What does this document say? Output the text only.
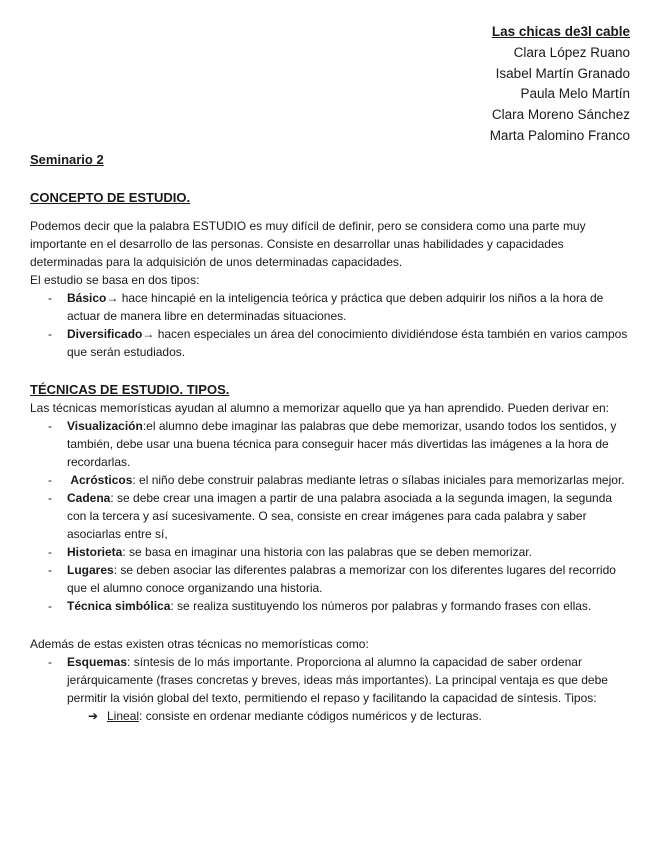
Las chicas de3l cable
Clara López Ruano
Isabel Martín Granado
Paula Melo Martín
Clara Moreno Sánchez
Marta Palomino Franco
Seminario 2
CONCEPTO DE ESTUDIO.

Podemos decir que la palabra ESTUDIO es muy difícil de definir, pero se considera como una parte muy importante en el desarrollo de las personas. Consiste en desarrollar unas habilidades y capacidades determinadas para la adquisición de unos determinadas capacidades.

El estudio se basa en dos tipos:

- Básico→ hace hincapié en la inteligencia teórica y práctica que deben adquirir los niños a la hora de actuar de manera libre en determinadas situaciones.
- Diversificado→ hacen especiales un área del conocimiento dividiéndose ésta también en varios campos que serán estudiados.
TÉCNICAS DE ESTUDIO. TIPOS.

Las técnicas memorísticas ayudan al alumno a memorizar aquello que ya han aprendido. Pueden derivar en:

- Visualización:el alumno debe imaginar las palabras que debe memorizar, usando todos los sentidos, y también, debe usar una buena técnica para conseguir hacer más divertidas las imágenes a la hora de recordarlas.
- Acrósticos: el niño debe construir palabras mediante letras o sílabas iniciales para memorizarlas mejor.
- Cadena: se debe crear una imagen a partir de una palabra asociada a la segunda imagen, la segunda con la tercera y así sucesivamente. O sea, consiste en crear imágenes para cada palabra y saber asociarlas entre sí,
- Historieta: se basa en imaginar una historia con las palabras que se deben memorizar.
- Lugares: se deben asociar las diferentes palabras a memorizar con los diferentes lugares del recorrido que el alumno conoce organizando una historia.
- Técnica simbólica: se realiza sustituyendo los números por palabras y formando frases con ellas.

Además de estas existen otras técnicas no memorísticas como:

- Esquemas: síntesis de lo más importante. Proporciona al alumno la capacidad de saber ordenar jerárquicamente (frases concretas y breves, ideas más importantes). La principal ventaja es que debe permitir la visión global del texto, permitiendo el repaso y facilitando la capacidad de síntesis. Tipos:
➔ Lineal: consiste en ordenar mediante códigos numéricos y de lecturas.
